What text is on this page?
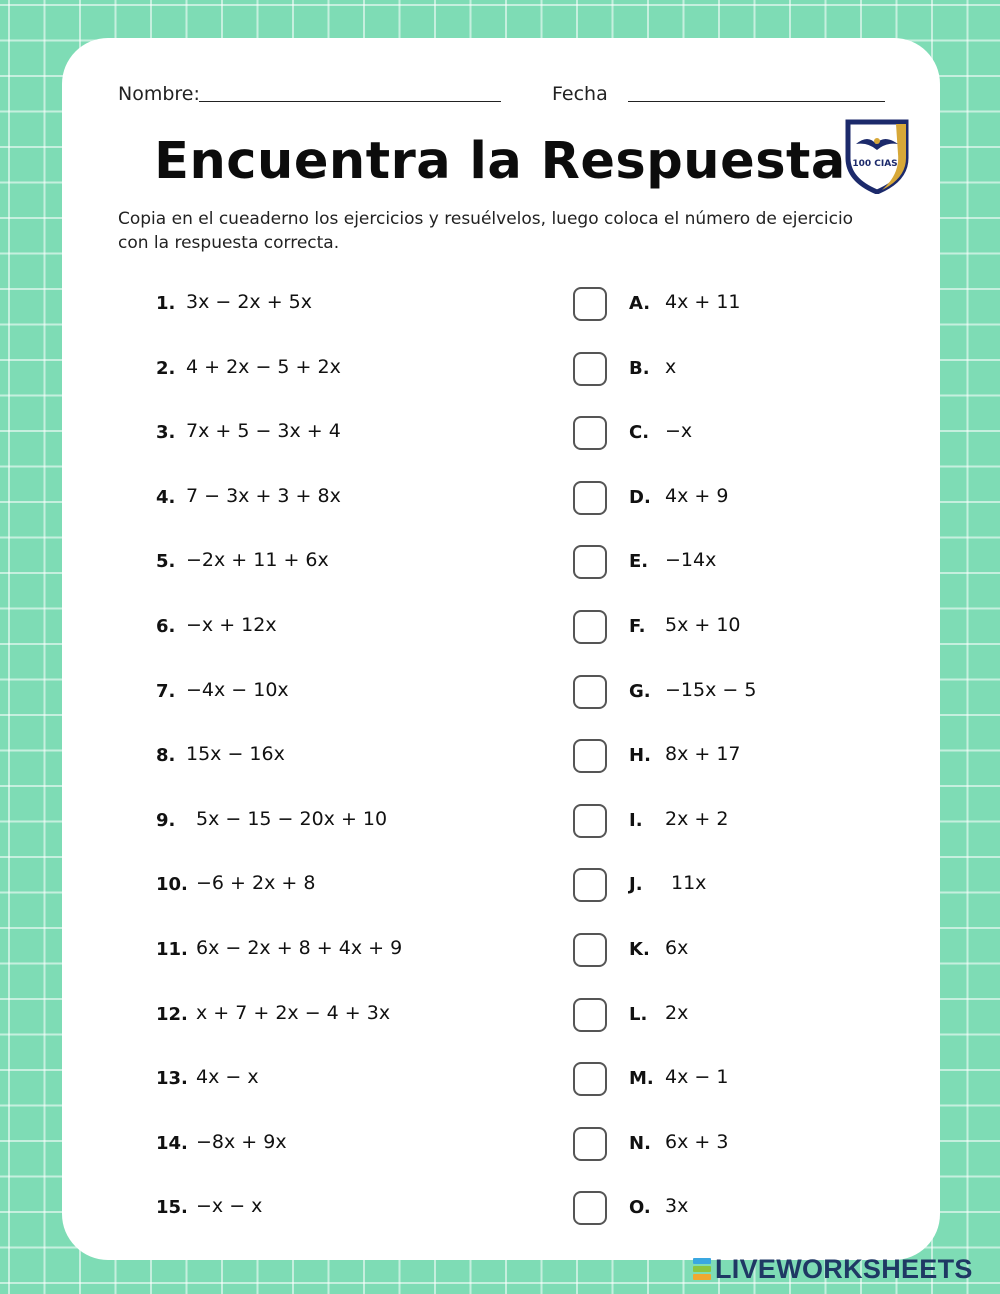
Nombre:	Fecha
Encuentra la Respuesta 100 CIAS
Copia en el cueaderno los ejercicios y resuélvelos, luego coloca el número de ejercicio con la respuesta correcta.
1. 3x − 2x + 5x
2. 4 + 2x − 5 + 2x
3. 7x + 5 − 3x + 4
4. 7 − 3x + 3 + 8x
5. −2x + 11 + 6x
6. −x + 12x
7. −4x − 10x
8. 15x − 16x
9. 5x − 15 − 20x + 10
10. −6 + 2x + 8
11. 6x − 2x + 8 + 4x + 9
12. x + 7 + 2x − 4 + 3x
13. 4x − x
14. −8x + 9x
15. −x − x
A. 4x + 11
B. x
C. −x
D. 4x + 9
E. −14x
F. 5x + 10
G. −15x − 5
H. 8x + 17
I. 2x + 2
J. 11x
K. 6x
L. 2x
M. 4x − 1
N. 6x + 3
O. 3x
LIVEWORKSHEETS
